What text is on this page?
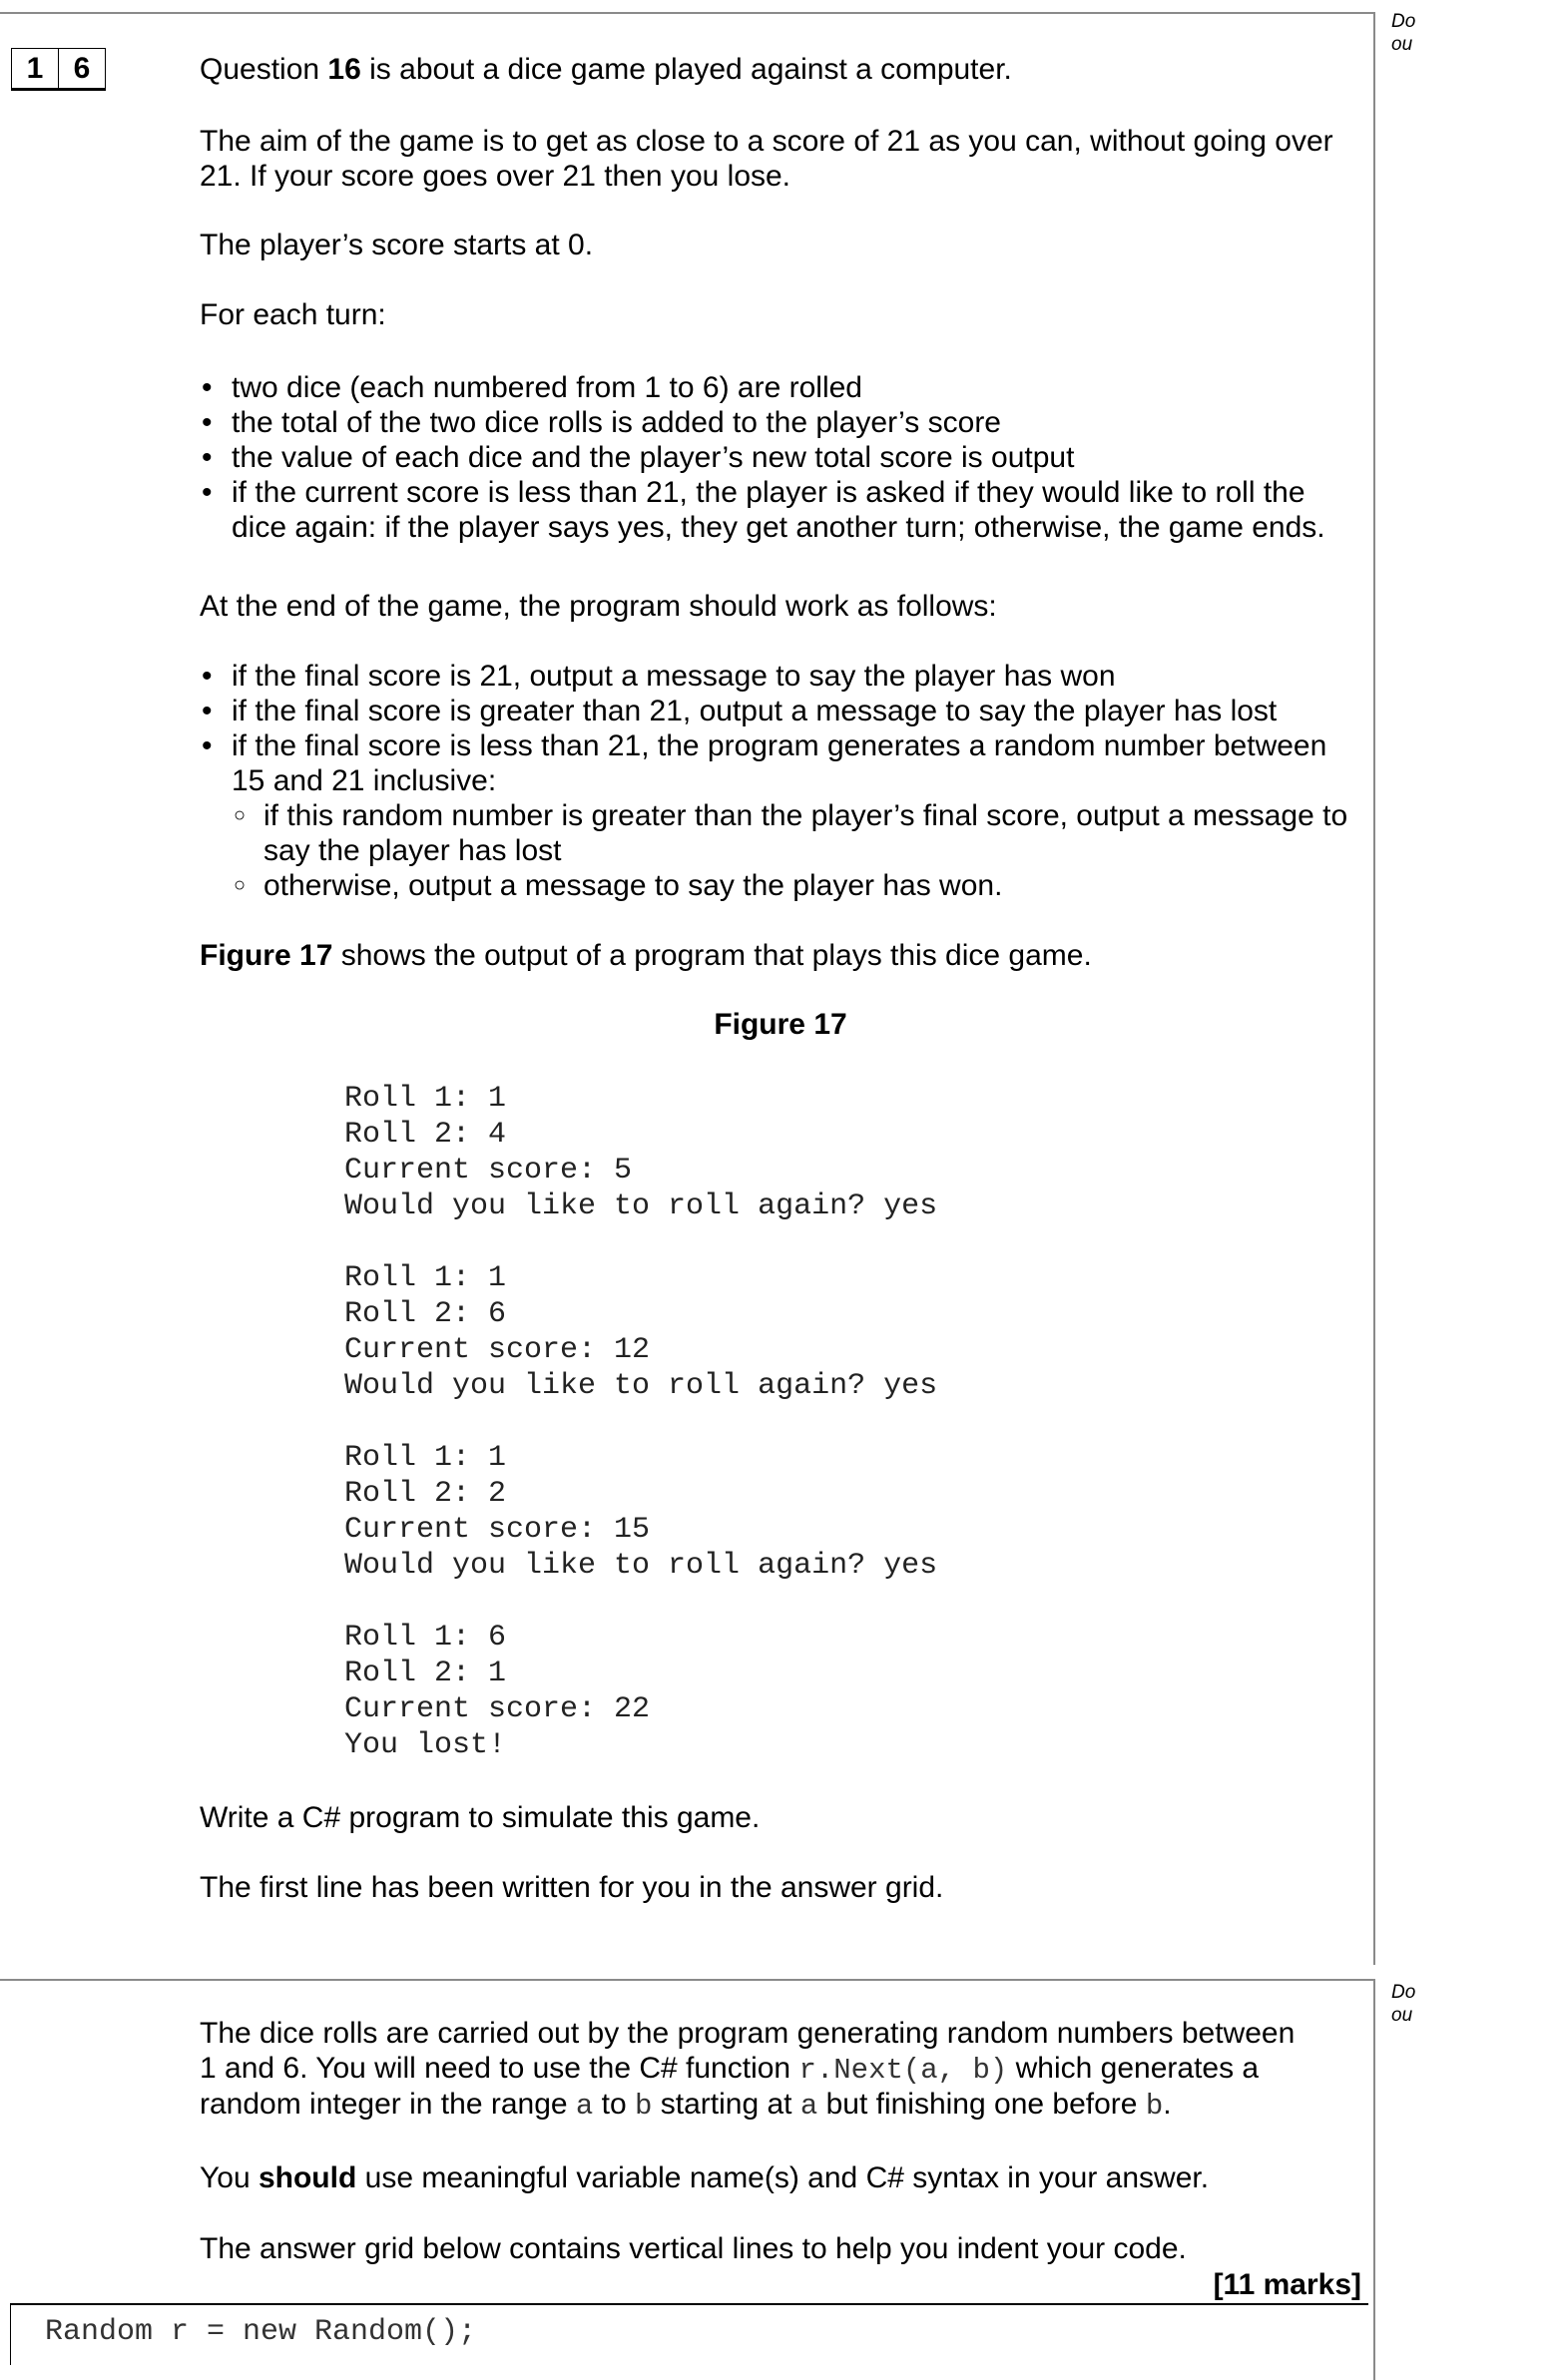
Do
ou
Do
ou
1	6	Question 16 is about a dice game played against a computer.
The aim of the game is to get as close to a score of 21 as you can, without going over 21. If your score goes over 21 then you lose.
The player’s score starts at 0.
For each turn:
• two dice (each numbered from 1 to 6) are rolled
• the total of the two dice rolls is added to the player’s score
• the value of each dice and the player’s new total score is output
• if the current score is less than 21, the player is asked if they would like to roll the dice again: if the player says yes, they get another turn; otherwise, the game ends.
At the end of the game, the program should work as follows:
• if the final score is 21, output a message to say the player has won
• if the final score is greater than 21, output a message to say the player has lost
• if the final score is less than 21, the program generates a random number between 15 and 21 inclusive:
○ if this random number is greater than the player’s final score, output a message to say the player has lost
○ otherwise, output a message to say the player has won.
Figure 17 shows the output of a program that plays this dice game.
Figure 17
Roll 1: 1
Roll 2: 4
Current score: 5
Would you like to roll again? yes
Roll 1: 1
Roll 2: 6
Current score: 12
Would you like to roll again? yes
Roll 1: 1
Roll 2: 2
Current score: 15
Would you like to roll again? yes
Roll 1: 6
Roll 2: 1
Current score: 22
You lost!
Write a C# program to simulate this game.
The first line has been written for you in the answer grid.
The dice rolls are carried out by the program generating random numbers between
1 and 6. You will need to use the C# function r.Next(a, b) which generates a
random integer in the range a to b starting at a but finishing one before b.
You should use meaningful variable name(s) and C# syntax in your answer.
The answer grid below contains vertical lines to help you indent your code.
[11 marks]
Random r = new Random();
